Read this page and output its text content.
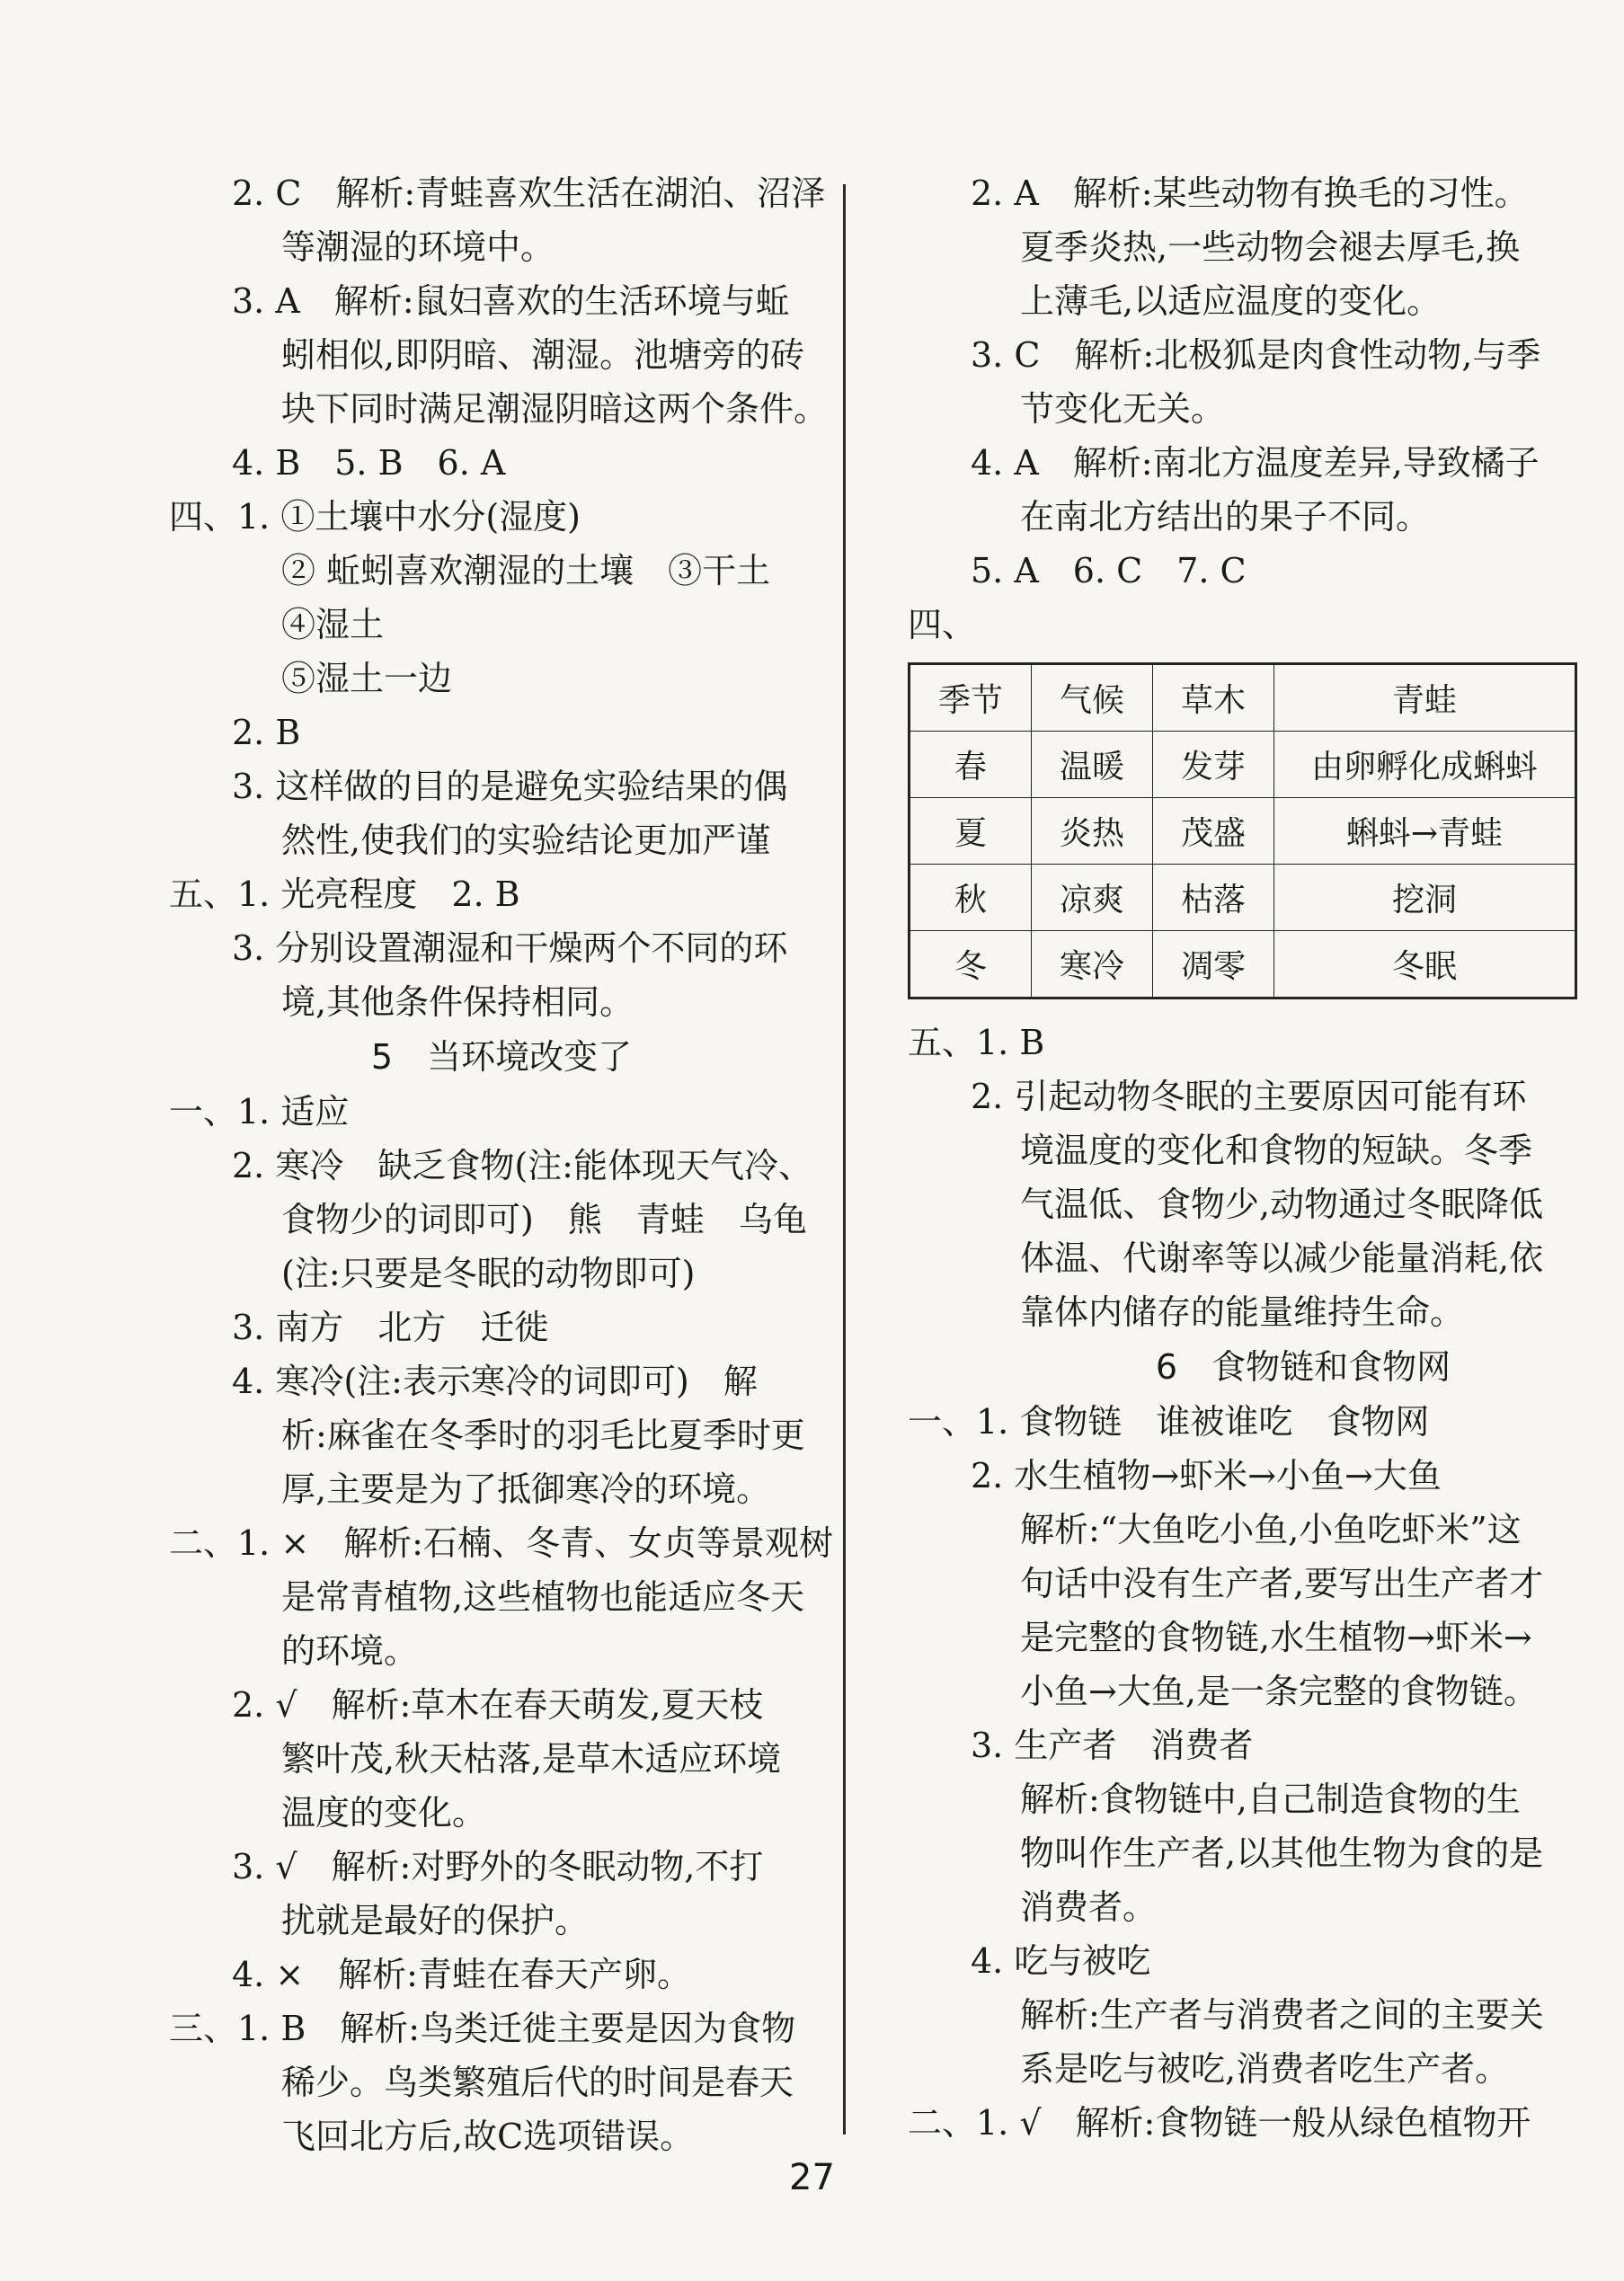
2. C　解析:青蛙喜欢生活在湖泊、沼泽
等潮湿的环境中。
3. A　解析:鼠妇喜欢的生活环境与蚯
蚓相似,即阴暗、潮湿。池塘旁的砖
块下同时满足潮湿阴暗这两个条件。
4. B　5. B　6. A
四、1. ①土壤中水分(湿度)
② 蚯蚓喜欢潮湿的土壤　③干土
④湿土
⑤湿土一边
2. B
3. 这样做的目的是避免实验结果的偶
然性,使我们的实验结论更加严谨
五、1. 光亮程度　2. B
3. 分别设置潮湿和干燥两个不同的环
境,其他条件保持相同。
5　当环境改变了
一、1. 适应
2. 寒冷　缺乏食物(注:能体现天气冷、
食物少的词即可)　熊　青蛙　乌龟
(注:只要是冬眠的动物即可)
3. 南方　北方　迁徙
4. 寒冷(注:表示寒冷的词即可)　解
析:麻雀在冬季时的羽毛比夏季时更
厚,主要是为了抵御寒冷的环境。
二、1. ×　解析:石楠、冬青、女贞等景观树
是常青植物,这些植物也能适应冬天
的环境。
2. √　解析:草木在春天萌发,夏天枝
繁叶茂,秋天枯落,是草木适应环境
温度的变化。
3. √　解析:对野外的冬眠动物,不打
扰就是最好的保护。
4. ×　解析:青蛙在春天产卵。
三、1. B　解析:鸟类迁徙主要是因为食物
稀少。鸟类繁殖后代的时间是春天
飞回北方后,故C选项错误。
2. A　解析:某些动物有换毛的习性。
夏季炎热,一些动物会褪去厚毛,换
上薄毛,以适应温度的变化。
3. C　解析:北极狐是肉食性动物,与季
节变化无关。
4. A　解析:南北方温度差异,导致橘子
在南北方结出的果子不同。
5. A　6. C　7. C
四、
季节	气候	草木	青蛙
春	温暖	发芽	由卵孵化成蝌蚪
夏	炎热	茂盛	蝌蚪→青蛙
秋	凉爽	枯落	挖洞
冬	寒冷	凋零	冬眠
五、1. B
2. 引起动物冬眠的主要原因可能有环
境温度的变化和食物的短缺。冬季
气温低、食物少,动物通过冬眠降低
体温、代谢率等以减少能量消耗,依
靠体内储存的能量维持生命。
6　食物链和食物网
一、1. 食物链　谁被谁吃　食物网
2. 水生植物→虾米→小鱼→大鱼
解析:“大鱼吃小鱼,小鱼吃虾米”这
句话中没有生产者,要写出生产者才
是完整的食物链,水生植物→虾米→
小鱼→大鱼,是一条完整的食物链。
3. 生产者　消费者
解析:食物链中,自己制造食物的生
物叫作生产者,以其他生物为食的是
消费者。
4. 吃与被吃
解析:生产者与消费者之间的主要关
系是吃与被吃,消费者吃生产者。
二、1. √　解析:食物链一般从绿色植物开
27
